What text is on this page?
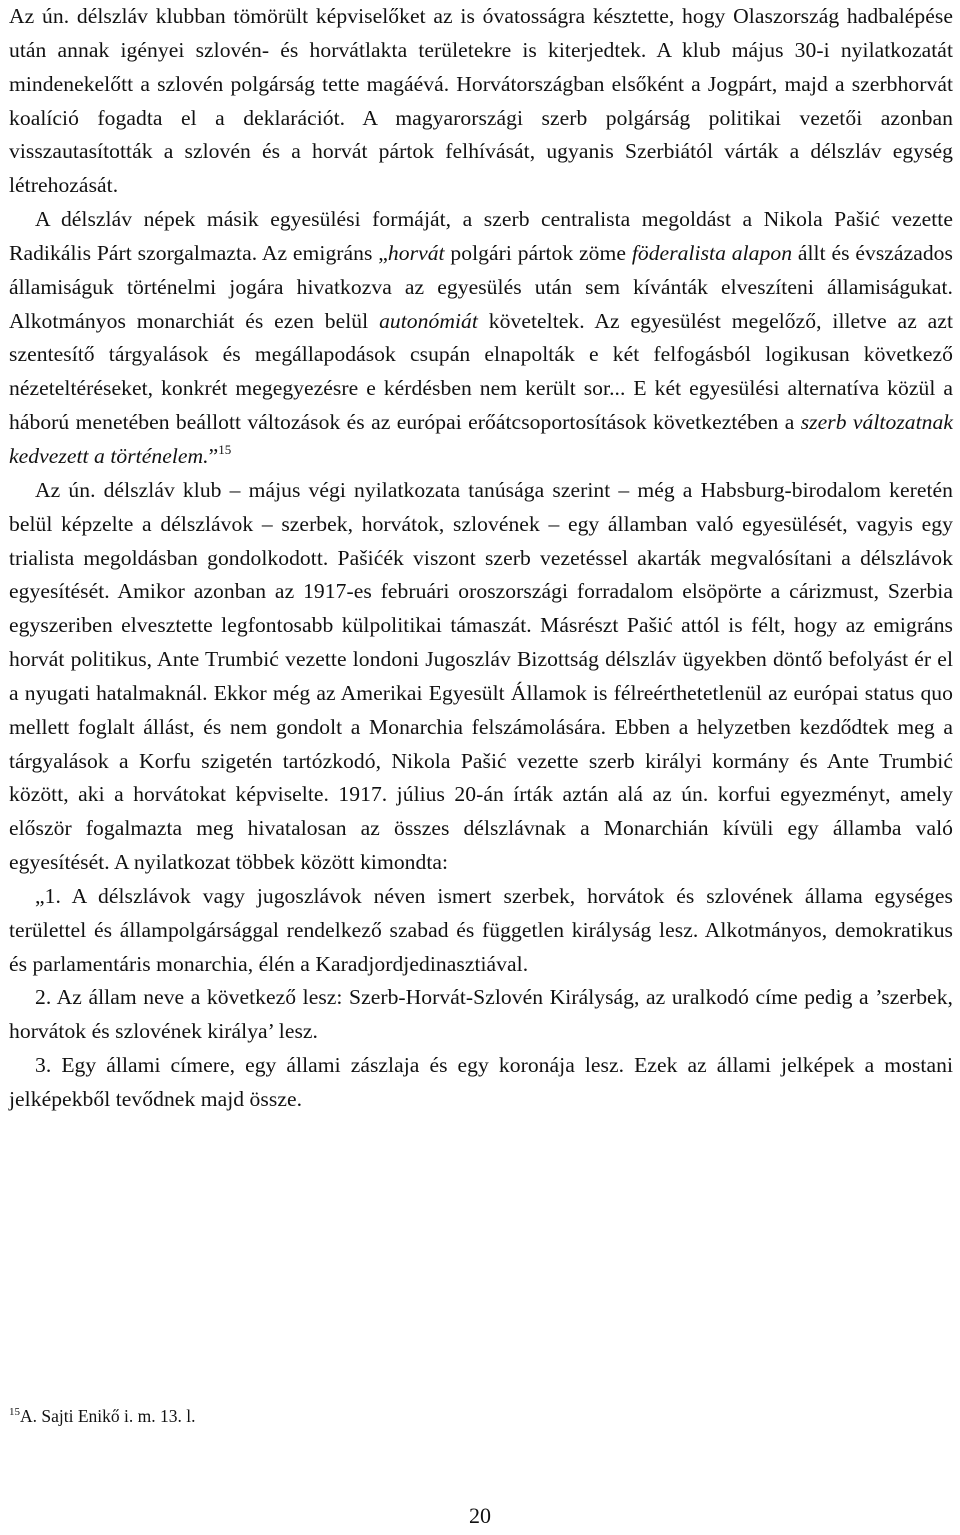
Az ún. délszláv klubban tömörült képviselőket az is óvatosságra késztette, hogy Olaszország hadbalépése után annak igényei szlovén- és horvátlakta területekre is kiterjedtek. A klub május 30-i nyilatkozatát mindenekelőtt a szlovén polgárság tette magáévá. Horvátországban elsőként a Jogpárt, majd a szerbhorvát koalíció fogadta el a deklarációt. A magyarországi szerb polgárság politikai vezetői azonban visszautasították a szlovén és a horvát pártok felhívását, ugyanis Szerbiától várták a délszláv egység létrehozását.

A délszláv népek másik egyesülési formáját, a szerb centralista megoldást a Nikola Pašić vezette Radikális Párt szorgalmazta. Az emigráns „horvát polgári pártok zöme föderalista alapon állt és évszázados államiságuk történelmi jogára hivatkozva az egyesülés után sem kívánták elveszíteni államiságukat. Alkotmányos monarchiát és ezen belül autonómiát követeltek. Az egyesülést megelőző, illetve az azt szentesítő tárgyalások és megállapodások csupán elnapolták e két felfogásból logikusan következő nézeteltéréseket, konkrét megegyezésre e kérdésben nem került sor... E két egyesülési alternatíva közül a háború menetében beállott változások és az európai erőátcsoportosítások következtében a szerb változatnak kedvezett a történelem.”$^{15}$

Az ún. délszláv klub – május végi nyilatkozata tanúsága szerint – még a Habsburg-birodalom keretén belül képzelte a délszlávok – szerbek, horvátok, szlovének – egy államban való egyesülését, vagyis egy trialista megoldásban gondolkodott. Pašićék viszont szerb vezetéssel akarták megvalósítani a délszlávok egyesítését. Amikor azonban az 1917-es februári oroszországi forradalom elsöpörte a cárizmust, Szerbia egyszeriben elvesztette legfontosabb külpolitikai támaszát. Másrészt Pašić attól is félt, hogy az emigráns horvát politikus, Ante Trumbić vezette londoni Jugoszláv Bizottság délszláv ügyekben döntő befolyást ér el a nyugati hatalmaknál. Ekkor még az Amerikai Egyesült Államok is félreérthetetlenül az európai status quo mellett foglalt állást, és nem gondolt a Monarchia felszámolására. Ebben a helyzetben kezdődtek meg a tárgyalások a Korfu szigetén tartózkodó, Nikola Pašić vezette szerb királyi kormány és Ante Trumbić között, aki a horvátokat képviselte. 1917. július 20-án írták aztán alá az ún. korfui egyezményt, amely először fogalmazta meg hivatalosan az összes délszlávnak a Monarchián kívüli egy államba való egyesítését. A nyilatkozat többek között kimondta:

„1. A délszlávok vagy jugoszlávok néven ismert szerbek, horvátok és szlovének állama egységes területtel és állampolgársággal rendelkező szabad és független királyság lesz. Alkotmányos, demokratikus és parlamentáris monarchia, élén a Karadjordjedinasztiával.

2. Az állam neve a következő lesz: Szerb-Horvát-Szlovén Királyság, az uralkodó címe pedig a ’szerbek, horvátok és szlovének királya’ lesz.

3. Egy állami címere, egy állami zászlaja és egy koronája lesz. Ezek az állami jelképek a mostani jelképekből tevődnek majd össze.

$^{15}$A. Sajti Enikő i. m. 13. l.
20
